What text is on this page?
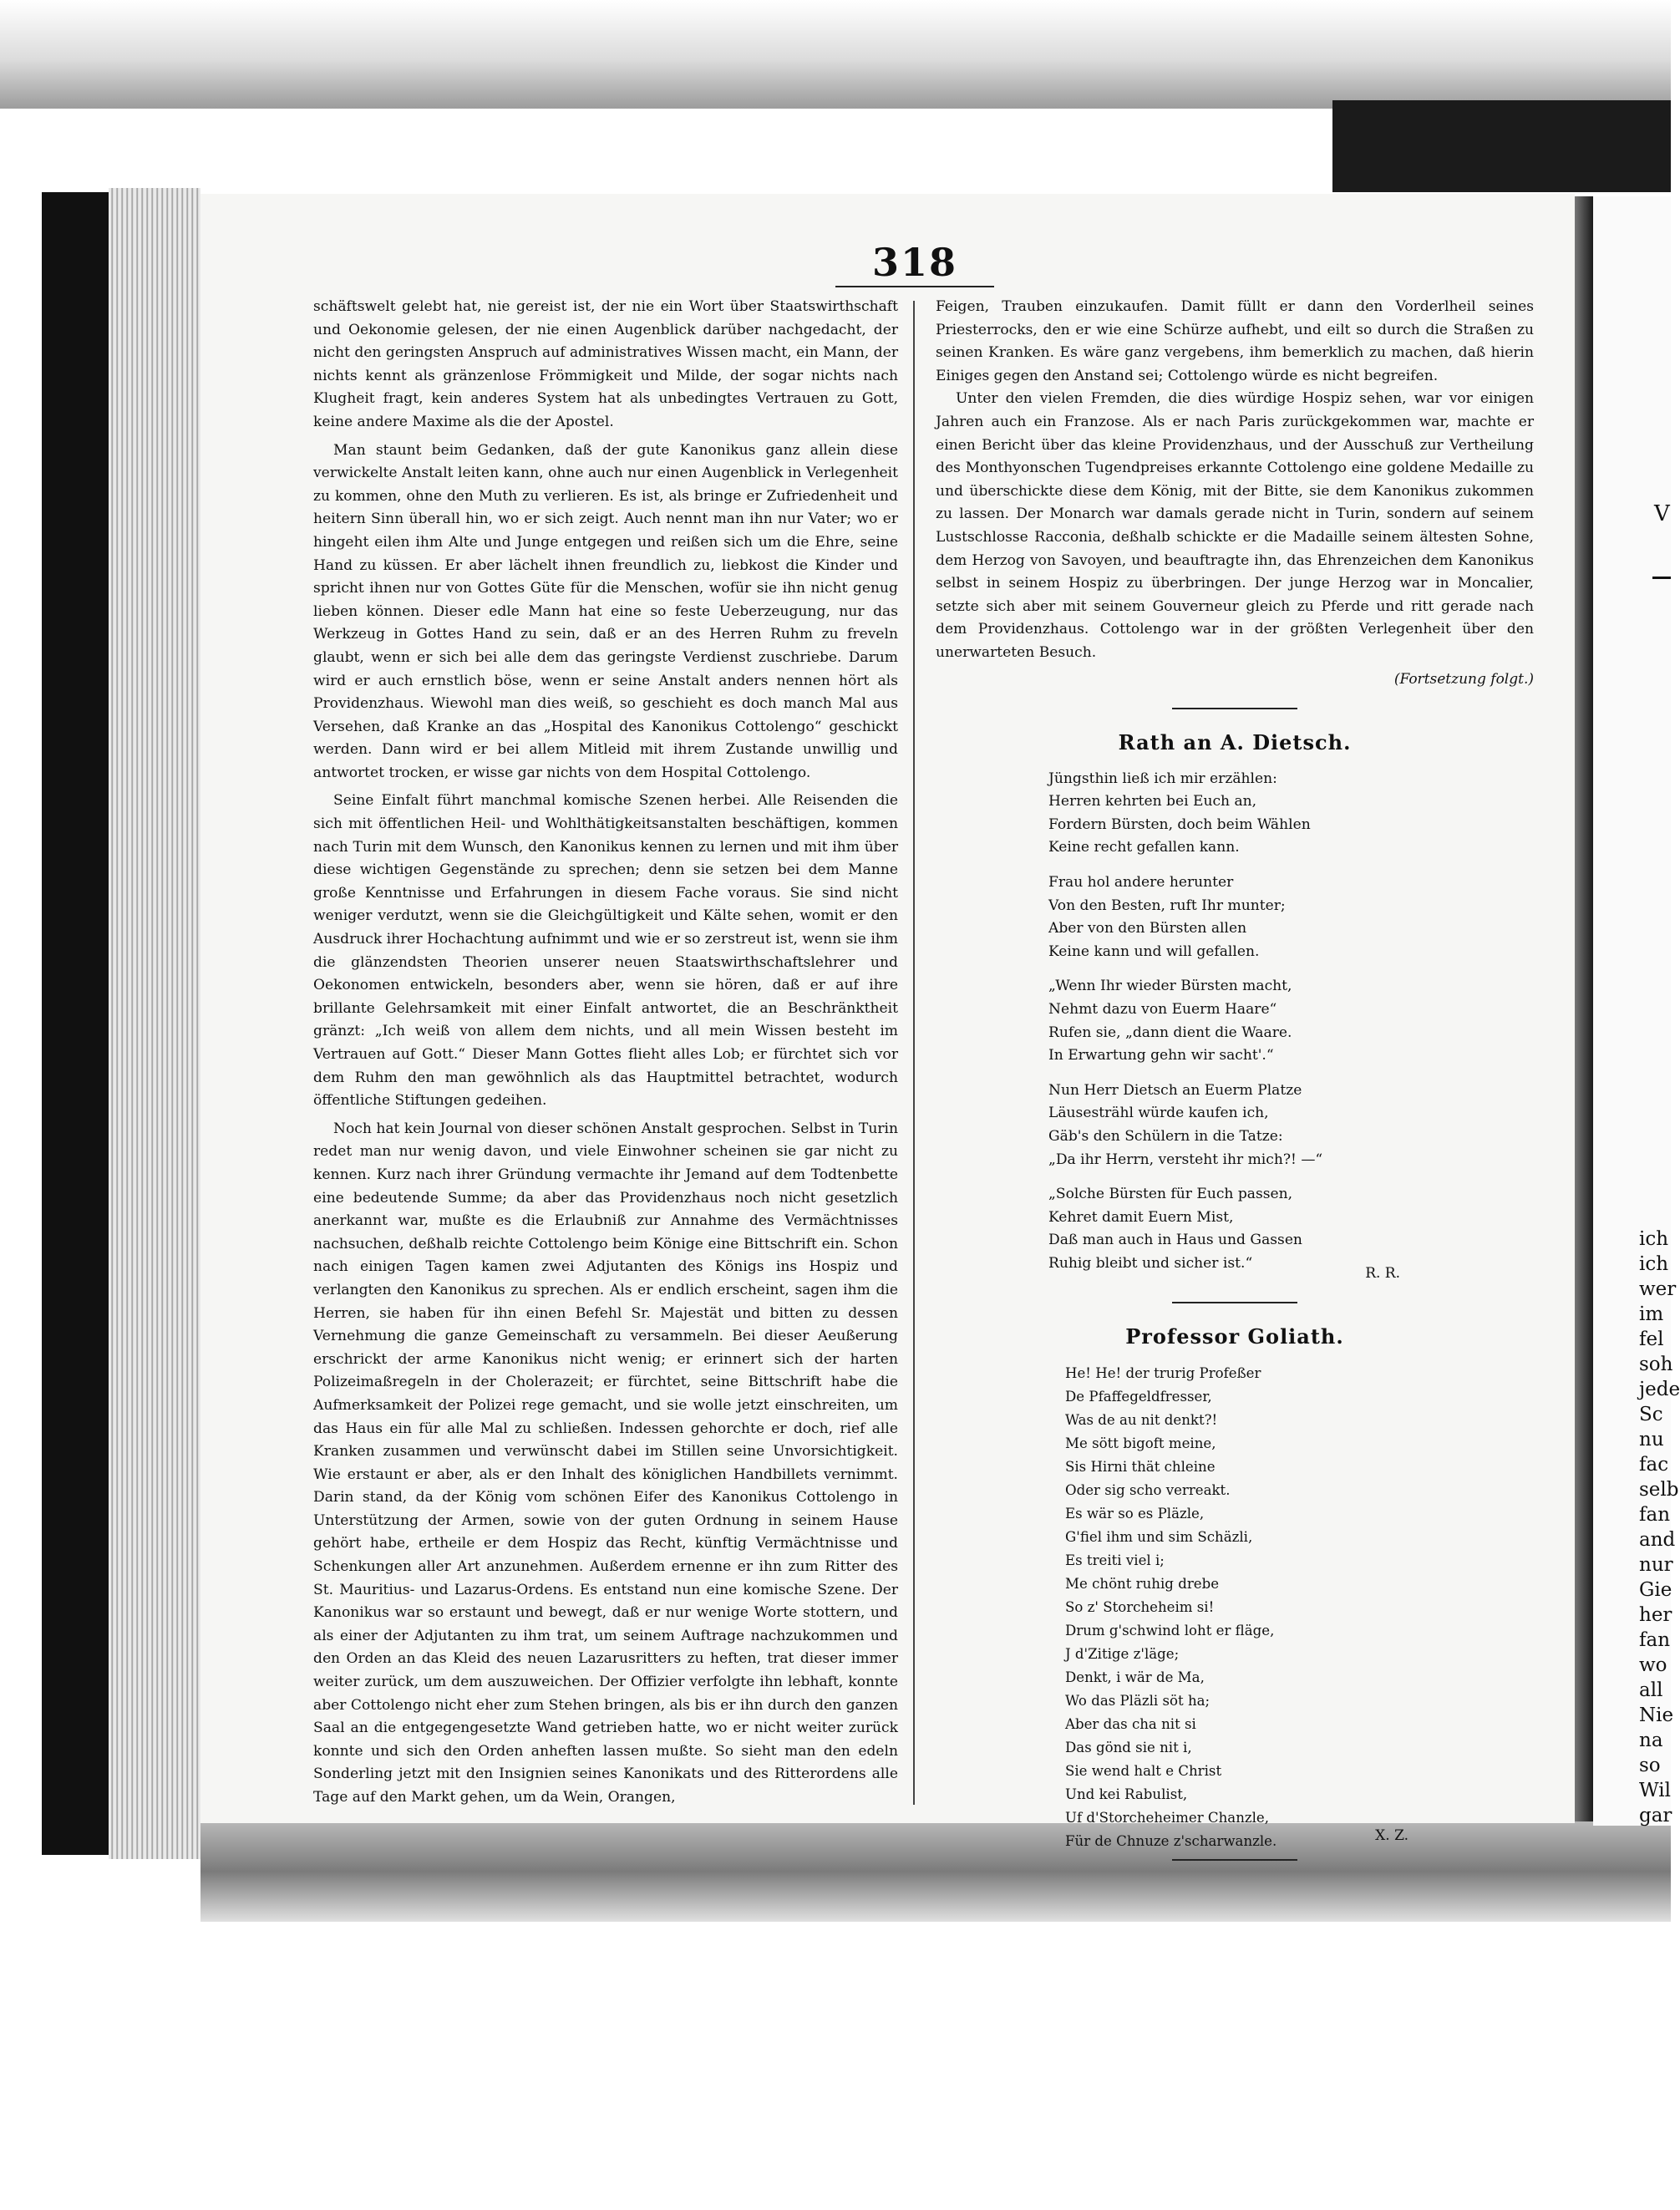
318

schäftswelt gelebt hat, nie gereist ist, der nie ein Wort über Staatswirthschaft und Oekonomie gelesen, der nie einen Augenblick darüber nachgedacht, der nicht den geringsten Anspruch auf administratives Wissen macht, ein Mann, der nichts kennt als gränzenlose Frömmigkeit und Milde, der sogar nichts nach Klugheit fragt, kein anderes System hat als unbedingtes Vertrauen zu Gott, keine andere Maxime als die der Apostel.

Man staunt beim Gedanken, daß der gute Kanonikus ganz allein diese verwickelte Anstalt leiten kann, ohne auch nur einen Augenblick in Verlegenheit zu kommen, ohne den Muth zu verlieren. Es ist, als bringe er Zufriedenheit und heitern Sinn überall hin, wo er sich zeigt. Auch nennt man ihn nur Vater; wo er hingeht eilen ihm Alte und Junge entgegen und reißen sich um die Ehre, seine Hand zu küssen. Er aber lächelt ihnen freundlich zu, liebkost die Kinder und spricht ihnen nur von Gottes Güte für die Menschen, wofür sie ihn nicht genug lieben können. Dieser edle Mann hat eine so feste Ueberzeugung, nur das Werkzeug in Gottes Hand zu sein, daß er an des Herren Ruhm zu freveln glaubt, wenn er sich bei alle dem das geringste Verdienst zuschriebe. Darum wird er auch ernstlich böse, wenn er seine Anstalt anders nennen hört als Providenzhaus. Wiewohl man dies weiß, so geschieht es doch manch Mal aus Versehen, daß Kranke an das „Hospital des Kanonikus Cottolengo“ geschickt werden. Dann wird er bei allem Mitleid mit ihrem Zustande unwillig und antwortet trocken, er wisse gar nichts von dem Hospital Cottolengo.

Seine Einfalt führt manchmal komische Szenen herbei. Alle Reisenden die sich mit öffentlichen Heil- und Wohlthätigkeitsanstalten beschäftigen, kommen nach Turin mit dem Wunsch, den Kanonikus kennen zu lernen und mit ihm über diese wichtigen Gegenstände zu sprechen; denn sie setzen bei dem Manne große Kenntnisse und Erfahrungen in diesem Fache voraus. Sie sind nicht weniger verdutzt, wenn sie die Gleichgültigkeit und Kälte sehen, womit er den Ausdruck ihrer Hochachtung aufnimmt und wie er so zerstreut ist, wenn sie ihm die glänzendsten Theorien unserer neuen Staatswirthschaftslehrer und Oekonomen entwickeln, besonders aber, wenn sie hören, daß er auf ihre brillante Gelehrsamkeit mit einer Einfalt antwortet, die an Beschränktheit gränzt: „Ich weiß von allem dem nichts, und all mein Wissen besteht im Vertrauen auf Gott.“ Dieser Mann Gottes flieht alles Lob; er fürchtet sich vor dem Ruhm den man gewöhnlich als das Hauptmittel betrachtet, wodurch öffentliche Stiftungen gedeihen.

Noch hat kein Journal von dieser schönen Anstalt gesprochen. Selbst in Turin redet man nur wenig davon, und viele Einwohner scheinen sie gar nicht zu kennen. Kurz nach ihrer Gründung vermachte ihr Jemand auf dem Todtenbette eine bedeutende Summe; da aber das Providenzhaus noch nicht gesetzlich anerkannt war, mußte es die Erlaubniß zur Annahme des Vermächtnisses nachsuchen, deßhalb reichte Cottolengo beim Könige eine Bittschrift ein. Schon nach einigen Tagen kamen zwei Adjutanten des Königs ins Hospiz und verlangten den Kanonikus zu sprechen. Als er endlich erscheint, sagen ihm die Herren, sie haben für ihn einen Befehl Sr. Majestät und bitten zu dessen Vernehmung die ganze Gemeinschaft zu versammeln. Bei dieser Aeußerung erschrickt der arme Kanonikus nicht wenig; er erinnert sich der harten Polizeimaßregeln in der Cholerazeit; er fürchtet, seine Bittschrift habe die Aufmerksamkeit der Polizei rege gemacht, und sie wolle jetzt einschreiten, um das Haus ein für alle Mal zu schließen. Indessen gehorchte er doch, rief alle Kranken zusammen und verwünscht dabei im Stillen seine Unvorsichtigkeit. Wie erstaunt er aber, als er den Inhalt des königlichen Handbillets vernimmt. Darin stand, da der König vom schönen Eifer des Kanonikus Cottolengo in Unterstützung der Armen, sowie von der guten Ordnung in seinem Hause gehört habe, ertheile er dem Hospiz das Recht, künftig Vermächtnisse und Schenkungen aller Art anzunehmen. Außerdem ernenne er ihn zum Ritter des St. Mauritius- und Lazarus-Ordens. Es entstand nun eine komische Szene. Der Kanonikus war so erstaunt und bewegt, daß er nur wenige Worte stottern, und als einer der Adjutanten zu ihm trat, um seinem Auftrage nachzukommen und den Orden an das Kleid des neuen Lazarusritters zu heften, trat dieser immer weiter zurück, um dem auszuweichen. Der Offizier verfolgte ihn lebhaft, konnte aber Cottolengo nicht eher zum Stehen bringen, als bis er ihn durch den ganzen Saal an die entgegengesetzte Wand getrieben hatte, wo er nicht weiter zurück konnte und sich den Orden anheften lassen mußte. So sieht man den edeln Sonderling jetzt mit den Insignien seines Kanonikats und des Ritterordens alle Tage auf den Markt gehen, um da Wein, Orangen,

Feigen, Trauben einzukaufen. Damit füllt er dann den Vorderlheil seines Priesterrocks, den er wie eine Schürze aufhebt, und eilt so durch die Straßen zu seinen Kranken. Es wäre ganz vergebens, ihm bemerklich zu machen, daß hierin Einiges gegen den Anstand sei; Cottolengo würde es nicht begreifen.

Unter den vielen Fremden, die dies würdige Hospiz sehen, war vor einigen Jahren auch ein Franzose. Als er nach Paris zurückgekommen war, machte er einen Bericht über das kleine Providenzhaus, und der Ausschuß zur Vertheilung des Monthyonschen Tugendpreises erkannte Cottolengo eine goldene Medaille zu und überschickte diese dem König, mit der Bitte, sie dem Kanonikus zukommen zu lassen. Der Monarch war damals gerade nicht in Turin, sondern auf seinem Lustschlosse Racconia, deßhalb schickte er die Madaille seinem ältesten Sohne, dem Herzog von Savoyen, und beauftragte ihn, das Ehrenzeichen dem Kanonikus selbst in seinem Hospiz zu überbringen. Der junge Herzog war in Moncalier, setzte sich aber mit seinem Gouverneur gleich zu Pferde und ritt gerade nach dem Providenzhaus. Cottolengo war in der größten Verlegenheit über den unerwarteten Besuch.

(Fortsetzung folgt.)

Rath an A. Dietsch.
Jüngsthin ließ ich mir erzählen:
Herren kehrten bei Euch an,
Fordern Bürsten, doch beim Wählen
Keine recht gefallen kann.
Frau hol andere herunter
Von den Besten, ruft Ihr munter;
Aber von den Bürsten allen
Keine kann und will gefallen.
„Wenn Ihr wieder Bürsten macht,
Nehmt dazu von Euerm Haare“
Rufen sie, „dann dient die Waare.
In Erwartung gehn wir sacht'.“
Nun Herr Dietsch an Euerm Platze
Läusesträhl würde kaufen ich,
Gäb's den Schülern in die Tatze:
„Da ihr Herrn, versteht ihr mich?! —“
„Solche Bürsten für Euch passen,
Kehret damit Euern Mist,
Daß man auch in Haus und Gassen
Ruhig bleibt und sicher ist.“

R. R.

Professor Goliath.
He! He! der trurig Profeßer
De Pfaffegeldfresser,
Was de au nit denkt?!
Me sött bigoft meine,
Sis Hirni thät chleine
Oder sig scho verreakt.
Es wär so es Pläzle,
G'fiel ihm und sim Schäzli,
Es treiti viel i;
Me chönt ruhig drebe
So z' Storcheheim si!
Drum g'schwind loht er fläge,
J d'Zitige z'läge;
Denkt, i wär de Ma,
Wo das Pläzli söt ha;
Aber das cha nit si
Das gönd sie nit i,
Sie wend halt e Christ
Und kei Rabulist,
Uf d'Storcheheimer Chanzle,
Für de Chnuze z'scharwanzle.	X. Z.

V
ich
ich
wer
im
fel
soh
jede
Sc
nu
fac
selb
fan
and
nur
Gie
her
fan
wo
all
Nie
na
so
Wil
gar
